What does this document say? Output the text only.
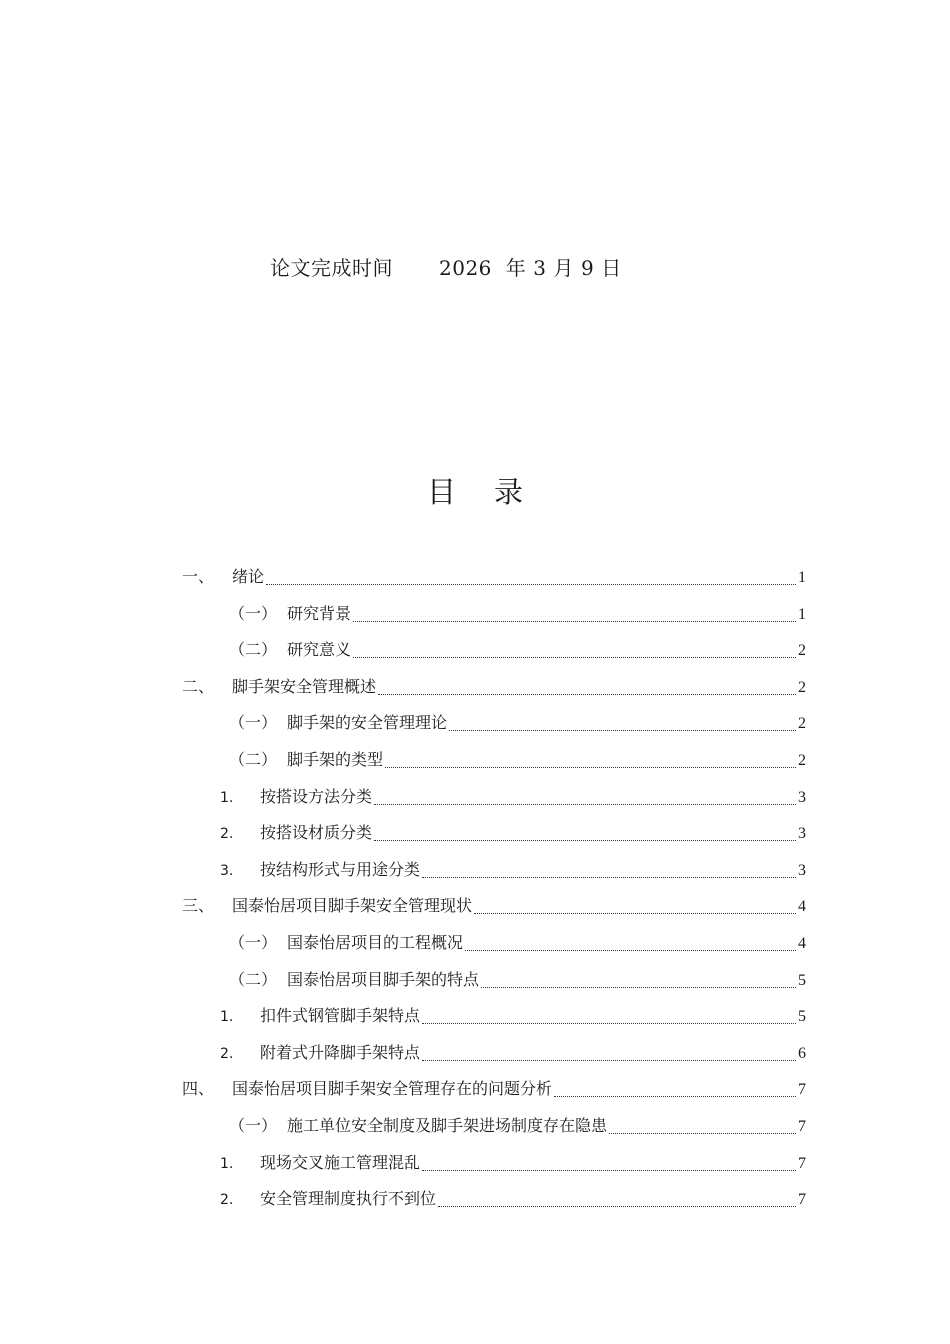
论文完成时间 2026 年 3 月 9 日
目录
一、	绪论	1
（一） 研究背景	1
（二） 研究意义	2
二、	脚手架安全管理概述	2
（一） 脚手架的安全管理理论	2
（二） 脚手架的类型	2
1.	按搭设方法分类	3
2.	按搭设材质分类	3
3.	按结构形式与用途分类	3
三、	国泰怡居项目脚手架安全管理现状	4
（一） 国泰怡居项目的工程概况	4
（二） 国泰怡居项目脚手架的特点	5
1.	扣件式钢管脚手架特点	5
2.	附着式升降脚手架特点	6
四、	国泰怡居项目脚手架安全管理存在的问题分析	7
（一） 施工单位安全制度及脚手架进场制度存在隐患	7
1.	现场交叉施工管理混乱	7
2.	安全管理制度执行不到位	7
